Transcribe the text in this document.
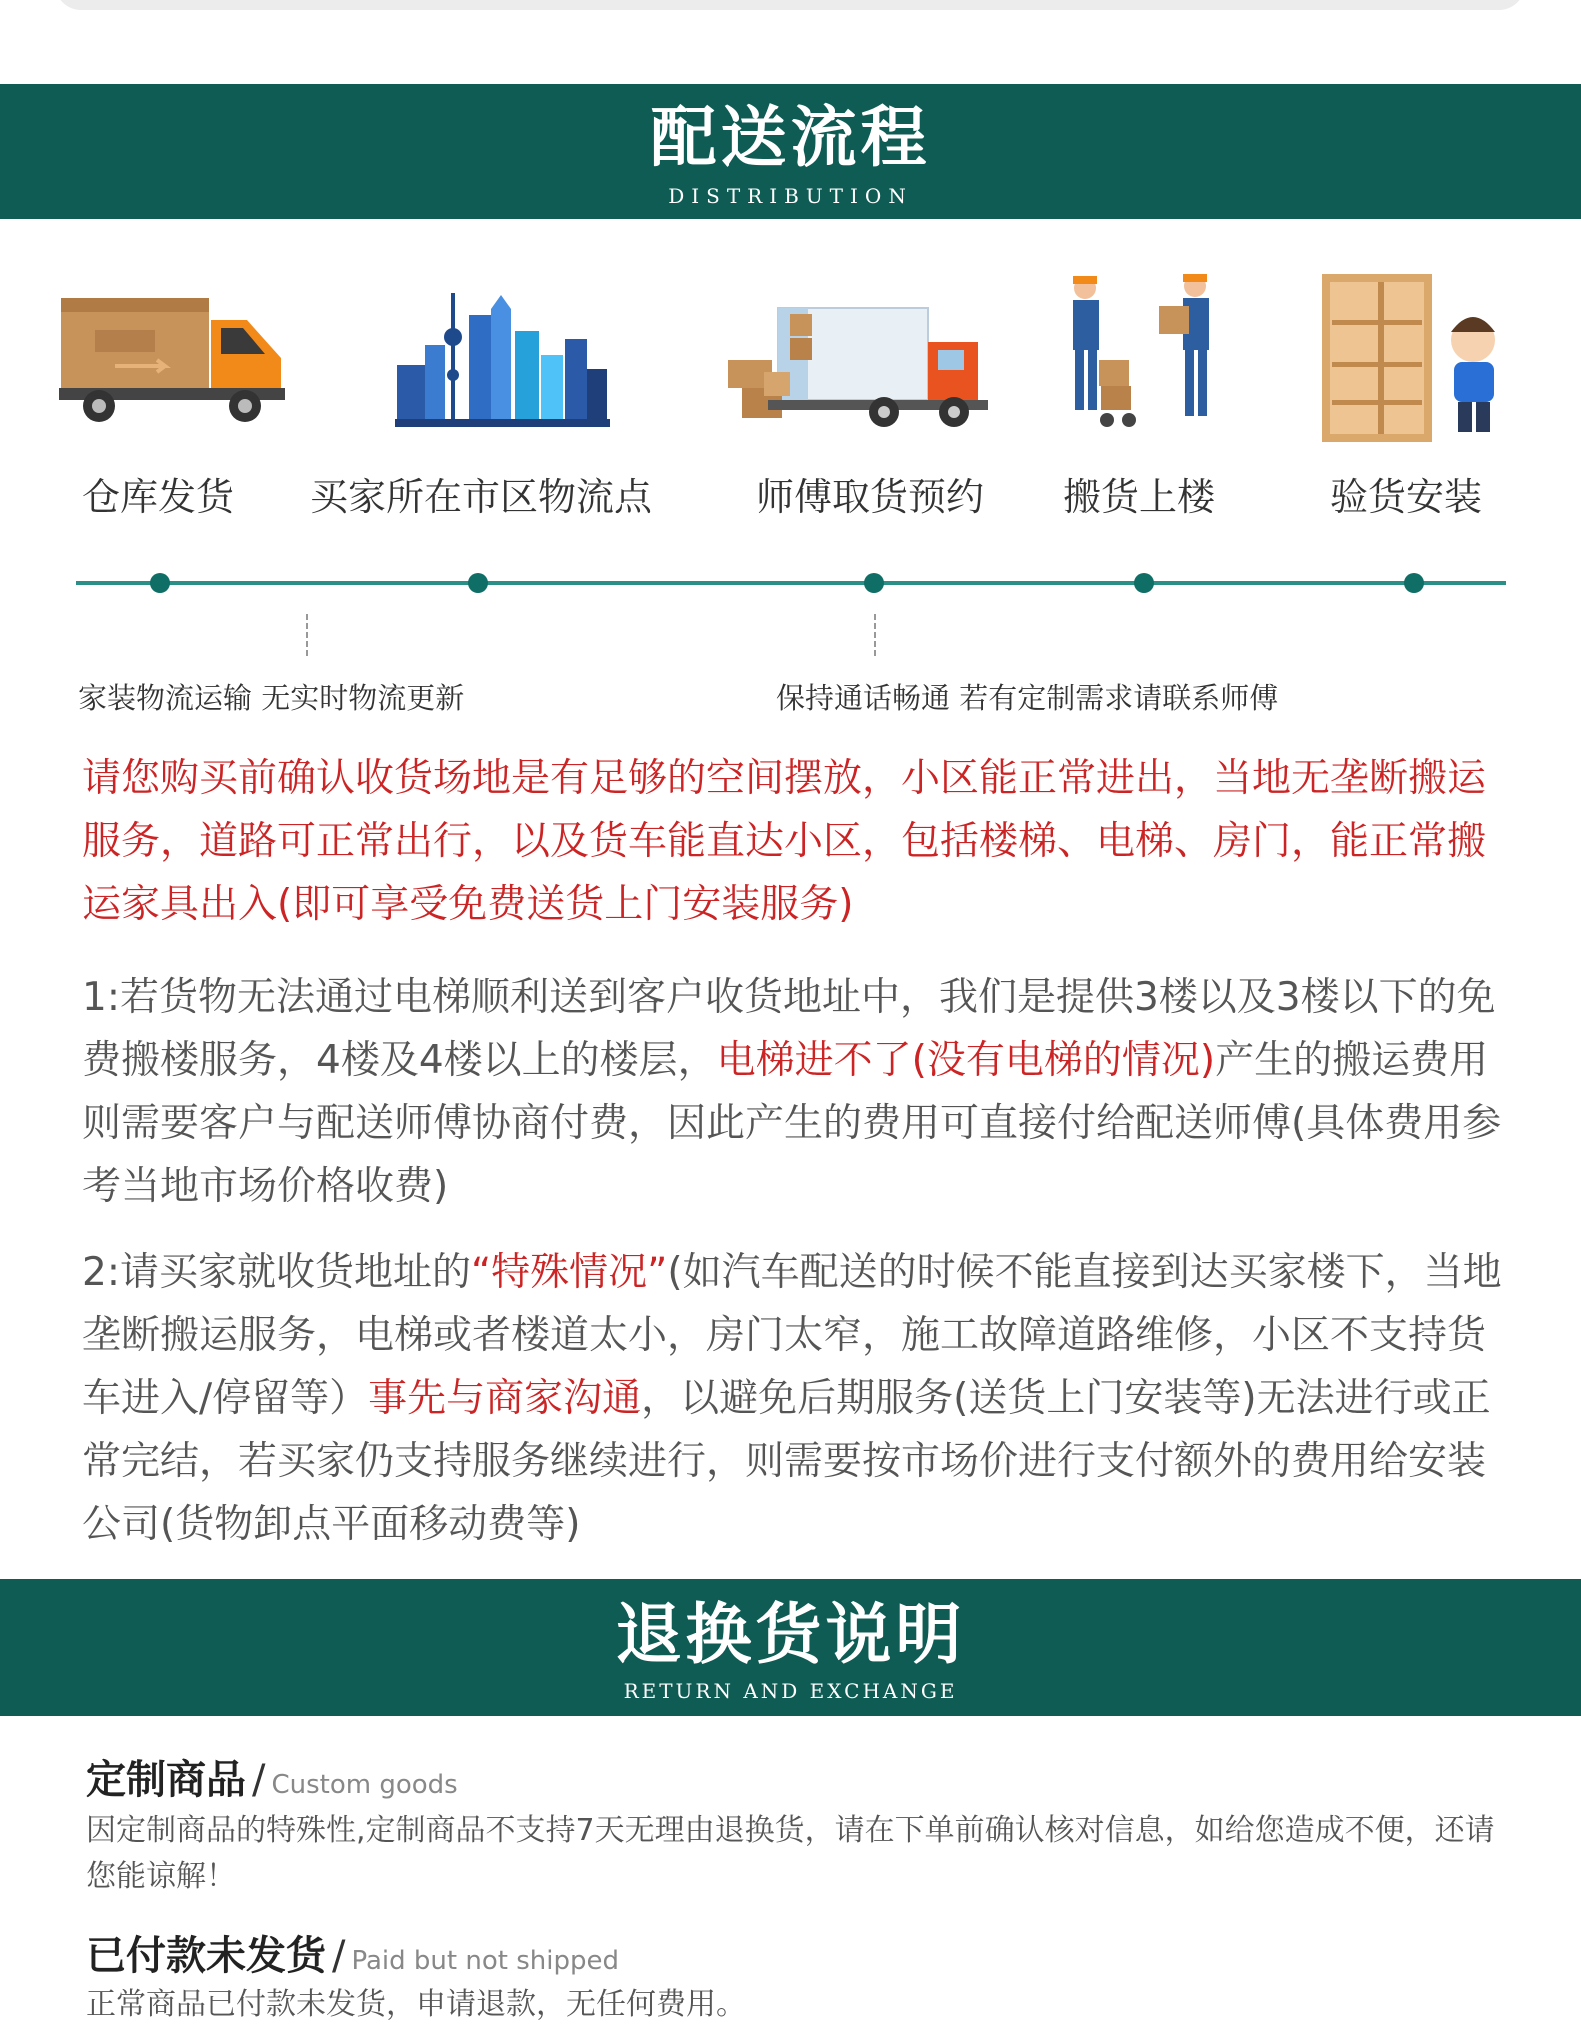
配送流程
DISTRIBUTION
仓库发货 买家所在市区物流点	师傅取货预约 搬货上楼	验货安装
家装物流运输 无实时物流更新	保持通话畅通 若有定制需求请联系师傅
请您购买前确认收货场地是有足够的空间摆放，小区能正常进出，当地无垄断搬运服务，道路可正常出行，以及货车能直达小区，包括楼梯、电梯、房门，能正常搬运家具出入(即可享受免费送货上门安装服务)
1:若货物无法通过电梯顺利送到客户收货地址中，我们是提供3楼以及3楼以下的免费搬楼服务，4楼及4楼以上的楼层，电梯进不了(没有电梯的情况)产生的搬运费用则需要客户与配送师傅协商付费，因此产生的费用可直接付给配送师傅(具体费用参考当地市场价格收费)
2:请买家就收货地址的“特殊情况”(如汽车配送的时候不能直接到达买家楼下，当地垄断搬运服务，电梯或者楼道太小，房门太窄，施工故障道路维修，小区不支持货车进入/停留等）事先与商家沟通，以避免后期服务(送货上门安装等)无法进行或正常完结，若买家仍支持服务继续进行，则需要按市场价进行支付额外的费用给安装公司(货物卸点平面移动费等)
退换货说明
RETURN AND EXCHANGE
定制商品 / Custom goods
因定制商品的特殊性,定制商品不支持7天无理由退换货，请在下单前确认核对信息，如给您造成不便，还请您能谅解！
已付款未发货 / Paid but not shipped
正常商品已付款未发货，申请退款，无任何费用。
